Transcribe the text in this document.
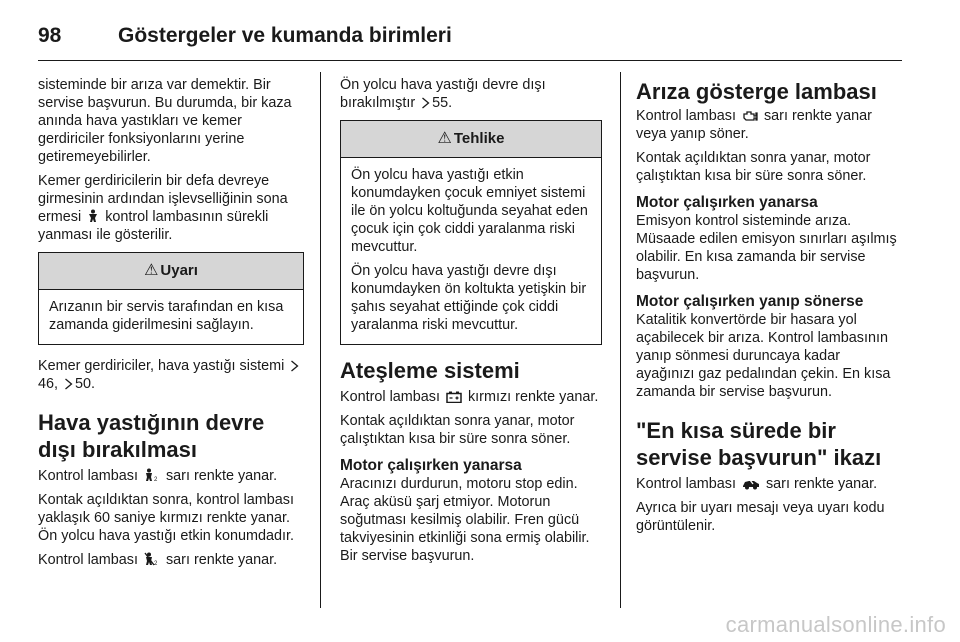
98	Göstergeler ve kumanda birimleri

sisteminde bir arıza var demektir. Bir servise başvurun. Bu durumda, bir kaza anında hava yastıkları ve kemer gerdiriciler fonksiyonlarını yerine getiremeyebilirler.

Kemer gerdiricilerin bir defa devreye girmesinin ardından işlevselliğinin sona ermesi kontrol lambasının sürekli yanması ile gösterilir.

⚠ Uyarı

Arızanın bir servis tarafından en kısa zamanda giderilmesini sağlayın.

Kemer gerdiriciler, hava yastığı sistemi
46, 50.

Hava yastığının devre dışı bırakılması

Kontrol lambası	2 sarı renkte yanar.

Kontak açıldıktan sonra, kontrol lambası yaklaşık 60 saniye kırmızı renkte yanar. Ön yolcu hava yastığı etkin konumdadır.

Kontrol lambası	2 sarı renkte yanar.

Ön yolcu hava yastığı devre dışı bırakılmıştır 55.

⚠ Tehlike

Ön yolcu hava yastığı etkin konumdayken çocuk emniyet sistemi ile ön yolcu koltuğunda seyahat eden çocuk için çok ciddi yaralanma riski mevcuttur.

Ön yolcu hava yastığı devre dışı konumdayken ön koltukta yetişkin bir şahıs seyahat ettiğinde çok ciddi yaralanma riski mevcuttur.

Ateşleme sistemi

Kontrol lambası kırmızı renkte yanar.

Kontak açıldıktan sonra yanar, motor çalıştıktan kısa bir süre sonra söner.

Motor çalışırken yanarsa

Aracınızı durdurun, motoru stop edin. Araç aküsü şarj etmiyor. Motorun soğutması kesilmiş olabilir. Fren gücü takviyesinin etkinliği sona ermiş olabilir. Bir servise başvurun.

Arıza gösterge lambası

Kontrol lambası sarı renkte yanar veya yanıp söner.

Kontak açıldıktan sonra yanar, motor çalıştıktan kısa bir süre sonra söner.

Motor çalışırken yanarsa

Emisyon kontrol sisteminde arıza. Müsaade edilen emisyon sınırları aşılmış olabilir. En kısa zamanda bir servise başvurun.

Motor çalışırken yanıp sönerse

Katalitik konvertörde bir hasara yol açabilecek bir arıza. Kontrol lambasının yanıp sönmesi duruncaya kadar ayağınızı gaz pedalından çekin. En kısa zamanda bir servise başvurun.

"En kısa sürede bir servise başvurun" ikazı

Kontrol lambası sarı renkte yanar.

Ayrıca bir uyarı mesajı veya uyarı kodu görüntülenir.

carmanualsonline.info
